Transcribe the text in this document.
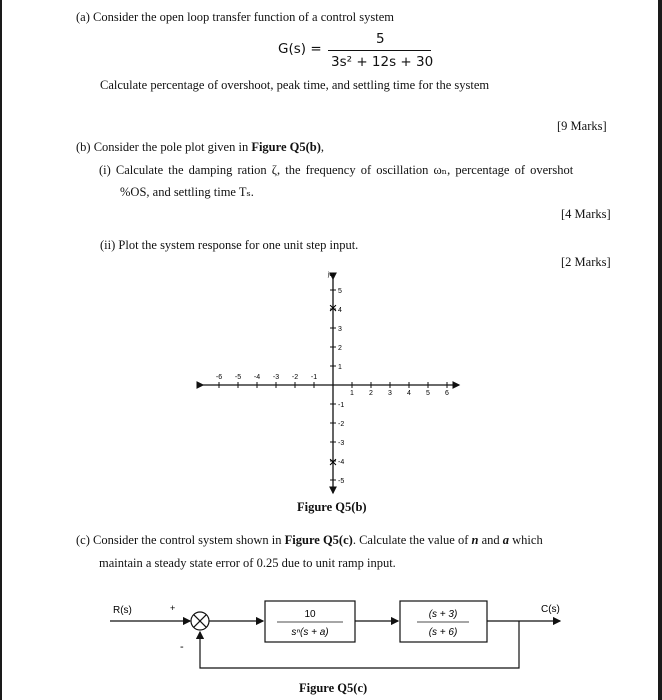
(a) Consider the open loop transfer function of a control system
G(s) =
5
3s² + 12s + 30
Calculate percentage of overshoot, peak time, and settling time for the system
[9 Marks]
(b) Consider the pole plot given in Figure Q5(b),
(i) Calculate the damping ration ζ, the frequency of oscillation ωₙ, percentage of overshot
%OS, and settling time Tₛ.
[4 Marks]
(ii) Plot the system response for one unit step input.
[2 Marks]
jω
-6 -5 -4 -3 -2 -1
1 2 3 4 5 6
5
4
3
2
1
-1
-2
-3
-4
-5
×
×
Figure Q5(b)
(c) Consider the control system shown in Figure Q5(c). Calculate the value of n and a which
maintain a steady state error of 0.25 due to unit ramp input.
R(s)	+
-
C(s)
10
sⁿ(s + a)
(s + 3)
(s + 6)
Figure Q5(c)
